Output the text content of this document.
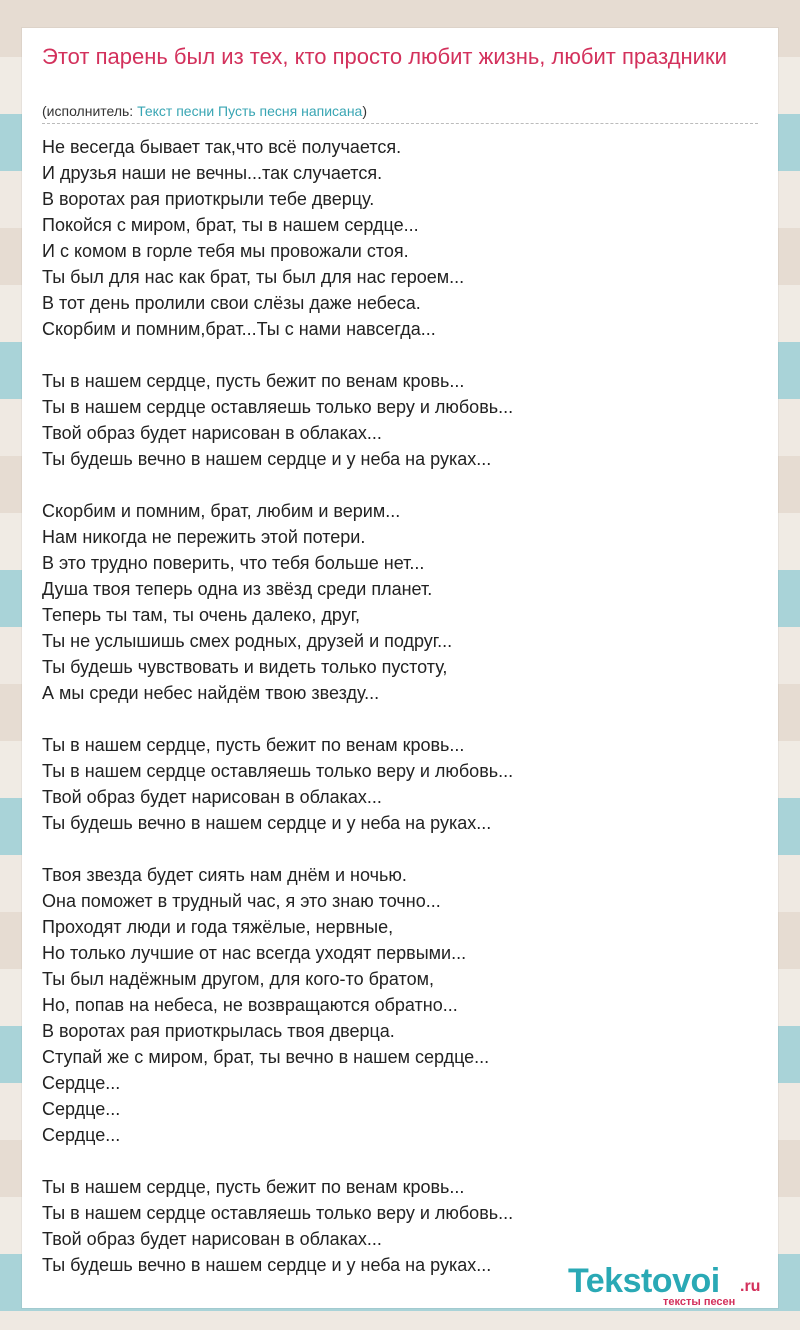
Этот парень был из тех, кто просто любит жизнь, любит праздники
(исполнитель: Текст песни Пусть песня написана)
Не весегда бывает так,что всё получается.
И друзья наши не вечны...так случается.
В воротах рая приоткрыли тебе дверцу.
Покойся с миром, брат, ты в нашем сердце...
И с комом в горле тебя мы провожали стоя.
Ты был для нас как брат, ты был для нас героем...
В тот день пролили свои слёзы даже небеса.
Скорбим и помним,брат...Ты с нами навсегда...
Ты в нашем сердце, пусть бежит по венам кровь...
Ты в нашем сердце оставляешь только веру и любовь...
Твой образ будет нарисован в облаках...
Ты будешь вечно в нашем сердце и у неба на руках...
Скорбим и помним, брат, любим и верим...
Нам никогда не пережить этой потери.
В это трудно поверить, что тебя больше нет...
Душа твоя теперь одна из звёзд среди планет.
Теперь ты там, ты очень далеко, друг,
Ты не услышишь смех родных, друзей и подруг...
Ты будешь чувствовать и видеть только пустоту,
А мы среди небес найдём твою звезду...
Ты в нашем сердце, пусть бежит по венам кровь...
Ты в нашем сердце оставляешь только веру и любовь...
Твой образ будет нарисован в облаках...
Ты будешь вечно в нашем сердце и у неба на руках...
Твоя звезда будет сиять нам днём и ночью.
Она поможет в трудный час, я это знаю точно...
Проходят люди и года тяжёлые, нервные,
Но только лучшие от нас всегда уходят первыми...
Ты был надёжным другом, для кого-то братом,
Но, попав на небеса, не возвращаются обратно...
В воротах рая приоткрылась твоя дверца.
Ступай же с миром, брат, ты вечно в нашем сердце...
Сердце...
Сердце...
Сердце...
Ты в нашем сердце, пусть бежит по венам кровь...
Ты в нашем сердце оставляешь только веру и любовь...
Твой образ будет нарисован в облаках...
Ты будешь вечно в нашем сердце и у неба на руках...	Tekstovoi .ru
тексты песен
